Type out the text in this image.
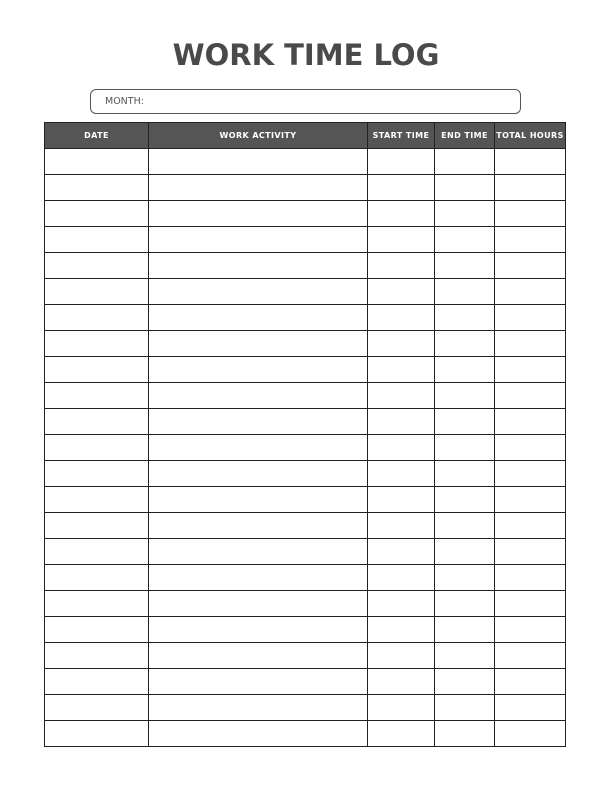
WORK TIME LOG
MONTH:
DATE	WORK ACTIVITY	START TIME	END TIME	TOTAL HOURS
